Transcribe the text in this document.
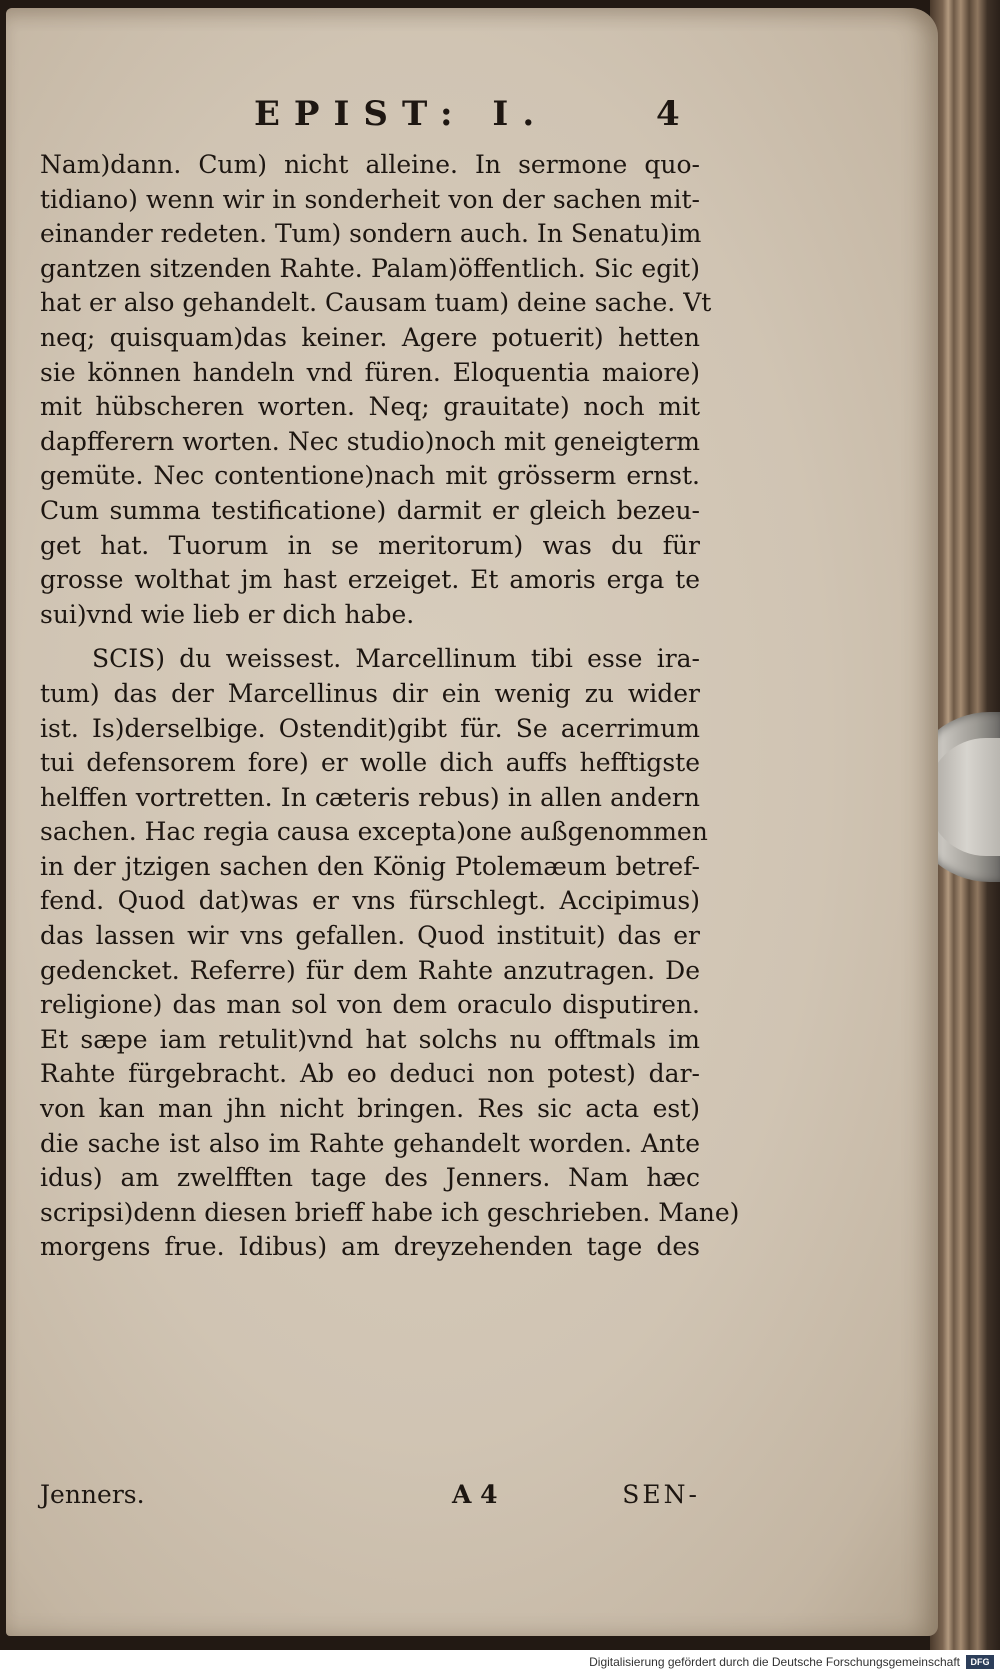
EPIST: I.	4
Nam)dann. Cum) nicht alleine. In sermone quo-
tidiano) wenn wir in sonderheit von der sachen mit-
einander redeten. Tum) sondern auch. In Senatu)im
gantzen sitzenden Rahte. Palam)öffentlich. Sic egit)
hat er also gehandelt. Causam tuam) deine sache. Vt
neq; quisquam)das keiner. Agere potuerit) hetten
sie können handeln vnd füren. Eloquentia maiore)
mit hübscheren worten. Neq; grauitate) noch mit
dapfferern worten. Nec studio)noch mit geneigterm
gemüte. Nec contentione)nach mit grösserm ernst.
Cum summa testificatione) darmit er gleich bezeu-
get hat. Tuorum in se meritorum) was du für
grosse wolthat jm hast erzeiget. Et amoris erga te
sui)vnd wie lieb er dich habe.
SCIS) du weissest. Marcellinum tibi esse ira-
tum) das der Marcellinus dir ein wenig zu wider
ist. Is)derselbige. Ostendit)gibt für. Se acerrimum
tui defensorem fore) er wolle dich auffs hefftigste
helffen vortretten. In cæteris rebus) in allen andern
sachen. Hac regia causa excepta)one außgenommen
in der jtzigen sachen den König Ptolemæum betref-
fend. Quod dat)was er vns fürschlegt. Accipimus)
das lassen wir vns gefallen. Quod instituit) das er
gedencket. Referre) für dem Rahte anzutragen. De
religione) das man sol von dem oraculo disputiren.
Et sæpe iam retulit)vnd hat solchs nu offtmals im
Rahte fürgebracht. Ab eo deduci non potest) dar-
von kan man jhn nicht bringen. Res sic acta est)
die sache ist also im Rahte gehandelt worden. Ante
idus) am zwelfften tage des Jenners. Nam hæc
scripsi)denn diesen brieff habe ich geschrieben. Mane)
morgens frue. Idibus) am dreyzehenden tage des
Jenners.	A 4	SEN-
Digitalisierung gefördert durch die Deutsche Forschungsgemeinschaft	DFG
